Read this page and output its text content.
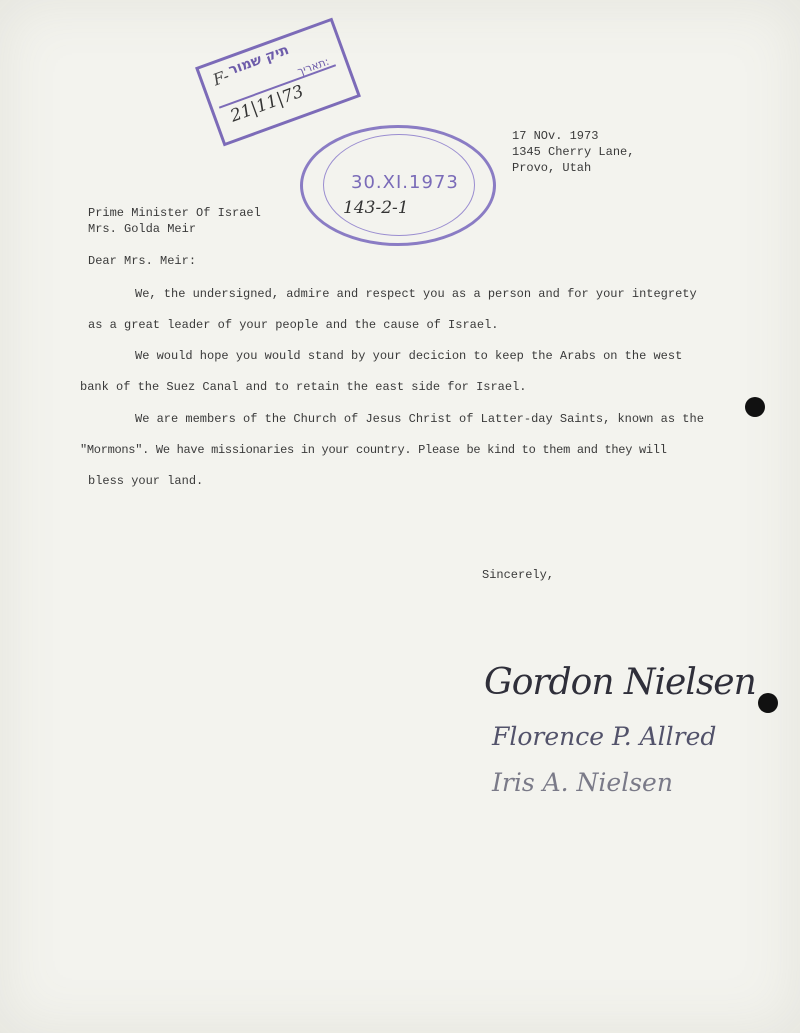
תיק שמור
F-	תאריך:
21|11|73
30.XI.1973
143-2-1
17 NOv. 1973
1345 Cherry Lane,
Provo, Utah
Prime Minister Of Israel
Mrs. Golda Meir
Dear Mrs. Meir:
We, the undersigned, admire and respect you as a person and for your integrety
as a great leader of your people and the cause of Israel.
We would hope you would stand by your decicion to keep the Arabs on the west
bank of the Suez Canal and to retain the east side for Israel.
We are members of the Church of Jesus Christ of Latter-day Saints, known as the
"Mormons". We have missionaries in your country. Please be kind to them and they will
bless your land.
Sincerely,
Gordon Nielsen
Florence P. Allred
Iris A. Nielsen
